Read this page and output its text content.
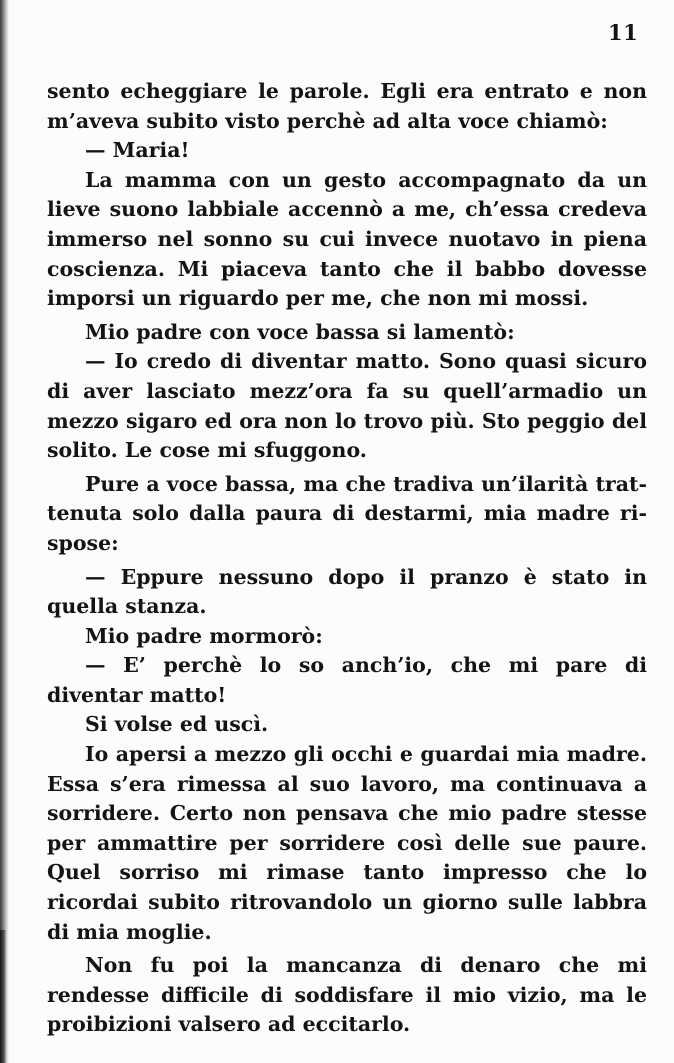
11

sento echeggiare le parole. Egli era entrato e non m’aveva subito visto perchè ad alta voce chiamò:

— Maria!

La mamma con un gesto accompagnato da un lieve suono labbiale accennò a me, ch’essa credeva immerso nel sonno su cui invece nuotavo in piena coscienza. Mi piaceva tanto che il babbo dovesse imporsi un riguardo per me, che non mi mossi.

Mio padre con voce bassa si lamentò:

— Io credo di diventar matto. Sono quasi sicuro di aver lasciato mezz’ora fa su quell’armadio un mezzo sigaro ed ora non lo trovo più. Sto peggio del solito. Le cose mi sfuggono.

Pure a voce bassa, ma che tradiva un’ilarità trattenuta solo dalla paura di destarmi, mia madre rispose:

— Eppure nessuno dopo il pranzo è stato in quella stanza.

Mio padre mormorò:

— E’ perchè lo so anch’io, che mi pare di diventar matto!

Si volse ed uscì.

Io apersi a mezzo gli occhi e guardai mia madre. Essa s’era rimessa al suo lavoro, ma continuava a sorridere. Certo non pensava che mio padre stesse per ammattire per sorridere così delle sue paure. Quel sorriso mi rimase tanto impresso che lo ricordai subito ritrovandolo un giorno sulle labbra di mia moglie.

Non fu poi la mancanza di denaro che mi rendesse difficile di soddisfare il mio vizio, ma le proibizioni valsero ad eccitarlo.
